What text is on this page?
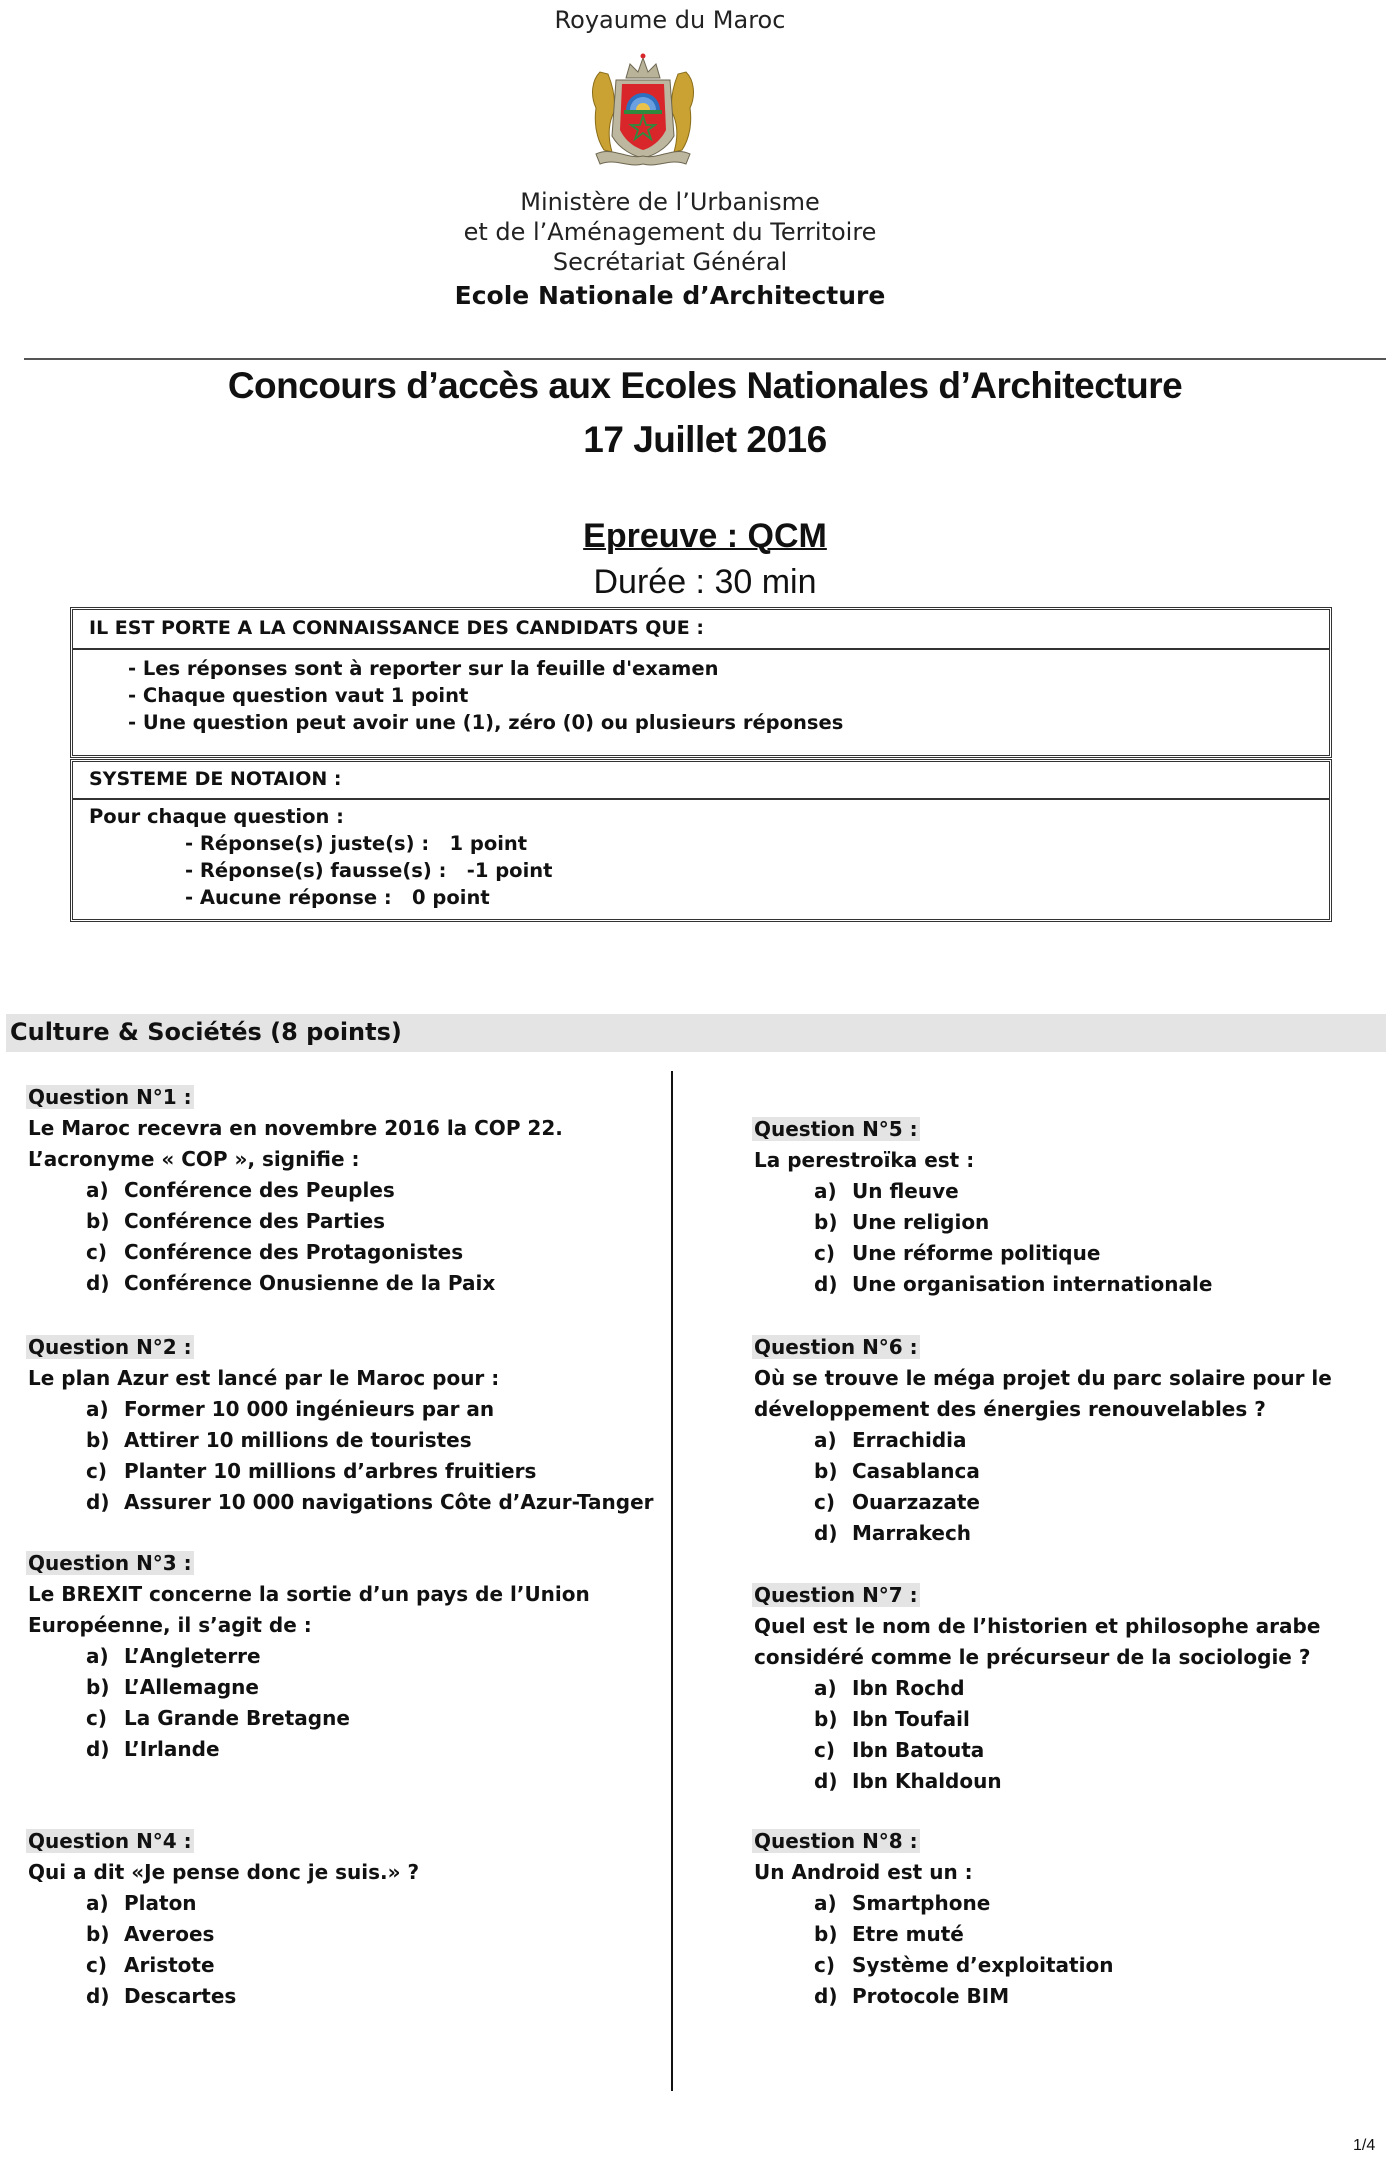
Royaume du Maroc
Ministère de l’Urbanisme
et de l’Aménagement du Territoire
Secrétariat Général
Ecole Nationale d’Architecture
Concours d’accès aux Ecoles Nationales d’Architecture
17 Juillet 2016
Epreuve : QCM
Durée : 30 min
IL EST PORTE A LA CONNAISSANCE DES CANDIDATS QUE :
- Les réponses sont à reporter sur la feuille d'examen
- Chaque question vaut 1 point
- Une question peut avoir une (1), zéro (0) ou plusieurs réponses
SYSTEME DE NOTAION :
Pour chaque question :
- Réponse(s) juste(s) :   1 point
- Réponse(s) fausse(s) :   -1 point
- Aucune réponse :   0 point
Culture & Sociétés (8 points)
Question N°1 :
Le Maroc recevra en novembre 2016 la COP 22.
L’acronyme « COP », signifie :
a) Conférence des Peuples
b) Conférence des Parties
c) Conférence des Protagonistes
d) Conférence Onusienne de la Paix
Question N°2 :
Le plan Azur est lancé par le Maroc pour :
a) Former 10 000 ingénieurs par an
b) Attirer 10 millions de touristes
c) Planter 10 millions d’arbres fruitiers
d) Assurer 10 000 navigations Côte d’Azur-Tanger
Question N°3 :
Le BREXIT concerne la sortie d’un pays de l’Union
Européenne, il s’agit de :
a) L’Angleterre
b) L’Allemagne
c) La Grande Bretagne
d) L’Irlande
Question N°4 :
Qui a dit «Je pense donc je suis.» ?
a) Platon
b) Averoes
c) Aristote
d) Descartes
Question N°5 :
La perestroïka est :
a) Un fleuve
b) Une religion
c) Une réforme politique
d) Une organisation internationale
Question N°6 :
Où se trouve le méga projet du parc solaire pour le
développement des énergies renouvelables ?
a) Errachidia
b) Casablanca
c) Ouarzazate
d) Marrakech
Question N°7 :
Quel est le nom de l’historien et philosophe arabe
considéré comme le précurseur de la sociologie ?
a) Ibn Rochd
b) Ibn Toufail
c) Ibn Batouta
d) Ibn Khaldoun
Question N°8 :
Un Android est un :
a) Smartphone
b) Etre muté
c) Système d’exploitation
d) Protocole BIM
1/4
